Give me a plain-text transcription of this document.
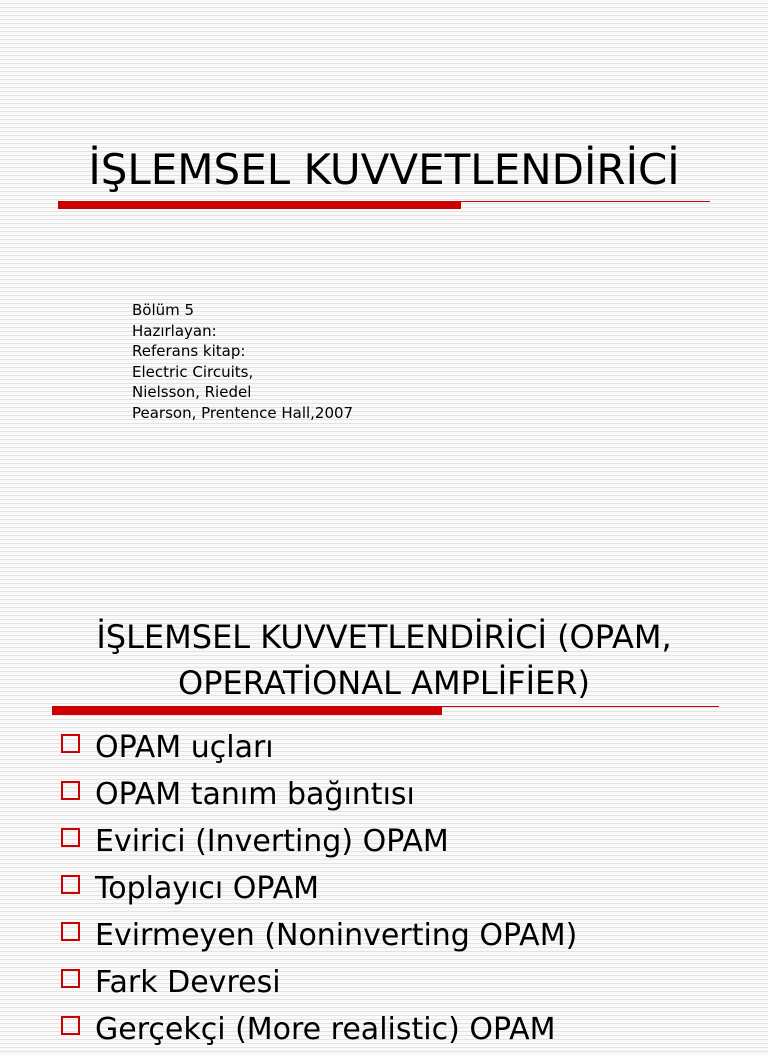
İŞLEMSEL KUVVETLENDİRİCİ
Bölüm 5
Hazırlayan:
Referans kitap:
Electric Circuits,
Nielsson, Riedel
Pearson, Prentence Hall,2007
İŞLEMSEL KUVVETLENDİRİCİ (OPAM,
OPERATİONAL AMPLİFİER)
OPAM uçları
OPAM tanım bağıntısı
Evirici (Inverting) OPAM
Toplayıcı OPAM
Evirmeyen (Noninverting OPAM)
Fark Devresi
Gerçekçi (More realistic) OPAM
